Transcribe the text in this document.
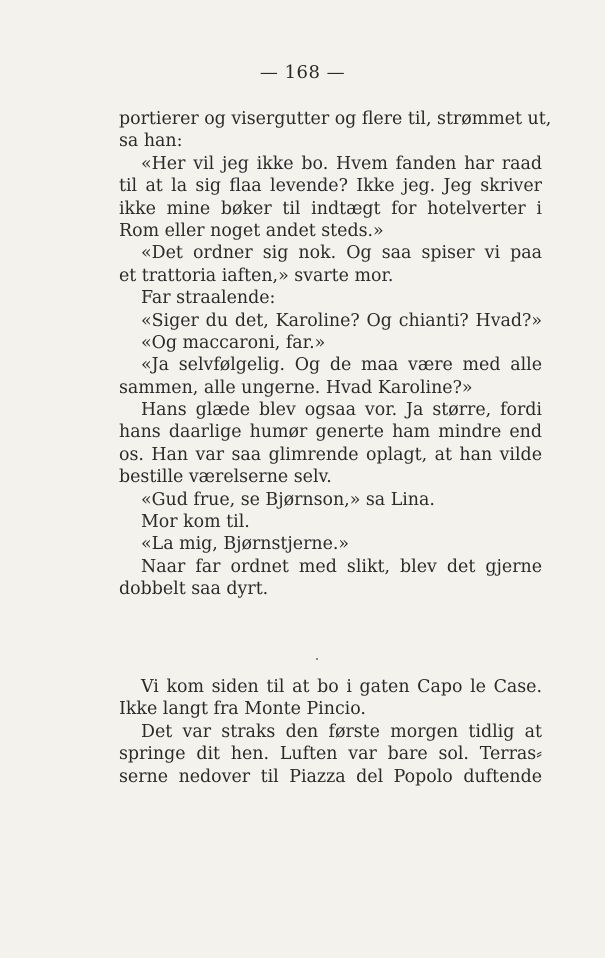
— 168 —
portierer og visergutter og flere til, strømmet ut,
sa han:
«Her vil jeg ikke bo. Hvem fanden har raad
til at la sig flaa levende? Ikke jeg. Jeg skriver
ikke mine bøker til indtægt for hotelverter i
Rom eller noget andet steds.»
«Det ordner sig nok. Og saa spiser vi paa
et trattoria iaften,» svarte mor.
Far straalende:
«Siger du det, Karoline? Og chianti? Hvad?»
«Og maccaroni, far.»
«Ja selvfølgelig. Og de maa være med alle
sammen, alle ungerne. Hvad Karoline?»
Hans glæde blev ogsaa vor. Ja større, fordi
hans daarlige humør generte ham mindre end
os. Han var saa glimrende oplagt, at han vilde
bestille værelserne selv.
«Gud frue, se Bjørnson,» sa Lina.
Mor kom til.
«La mig, Bjørnstjerne.»
Naar far ordnet med slikt, blev det gjerne
dobbelt saa dyrt.
Vi kom siden til at bo i gaten Capo le Case.
Ikke langt fra Monte Pincio.
Det var straks den første morgen tidlig at
springe dit hen. Luften var bare sol. Terras⸗
serne nedover til Piazza del Popolo duftende
